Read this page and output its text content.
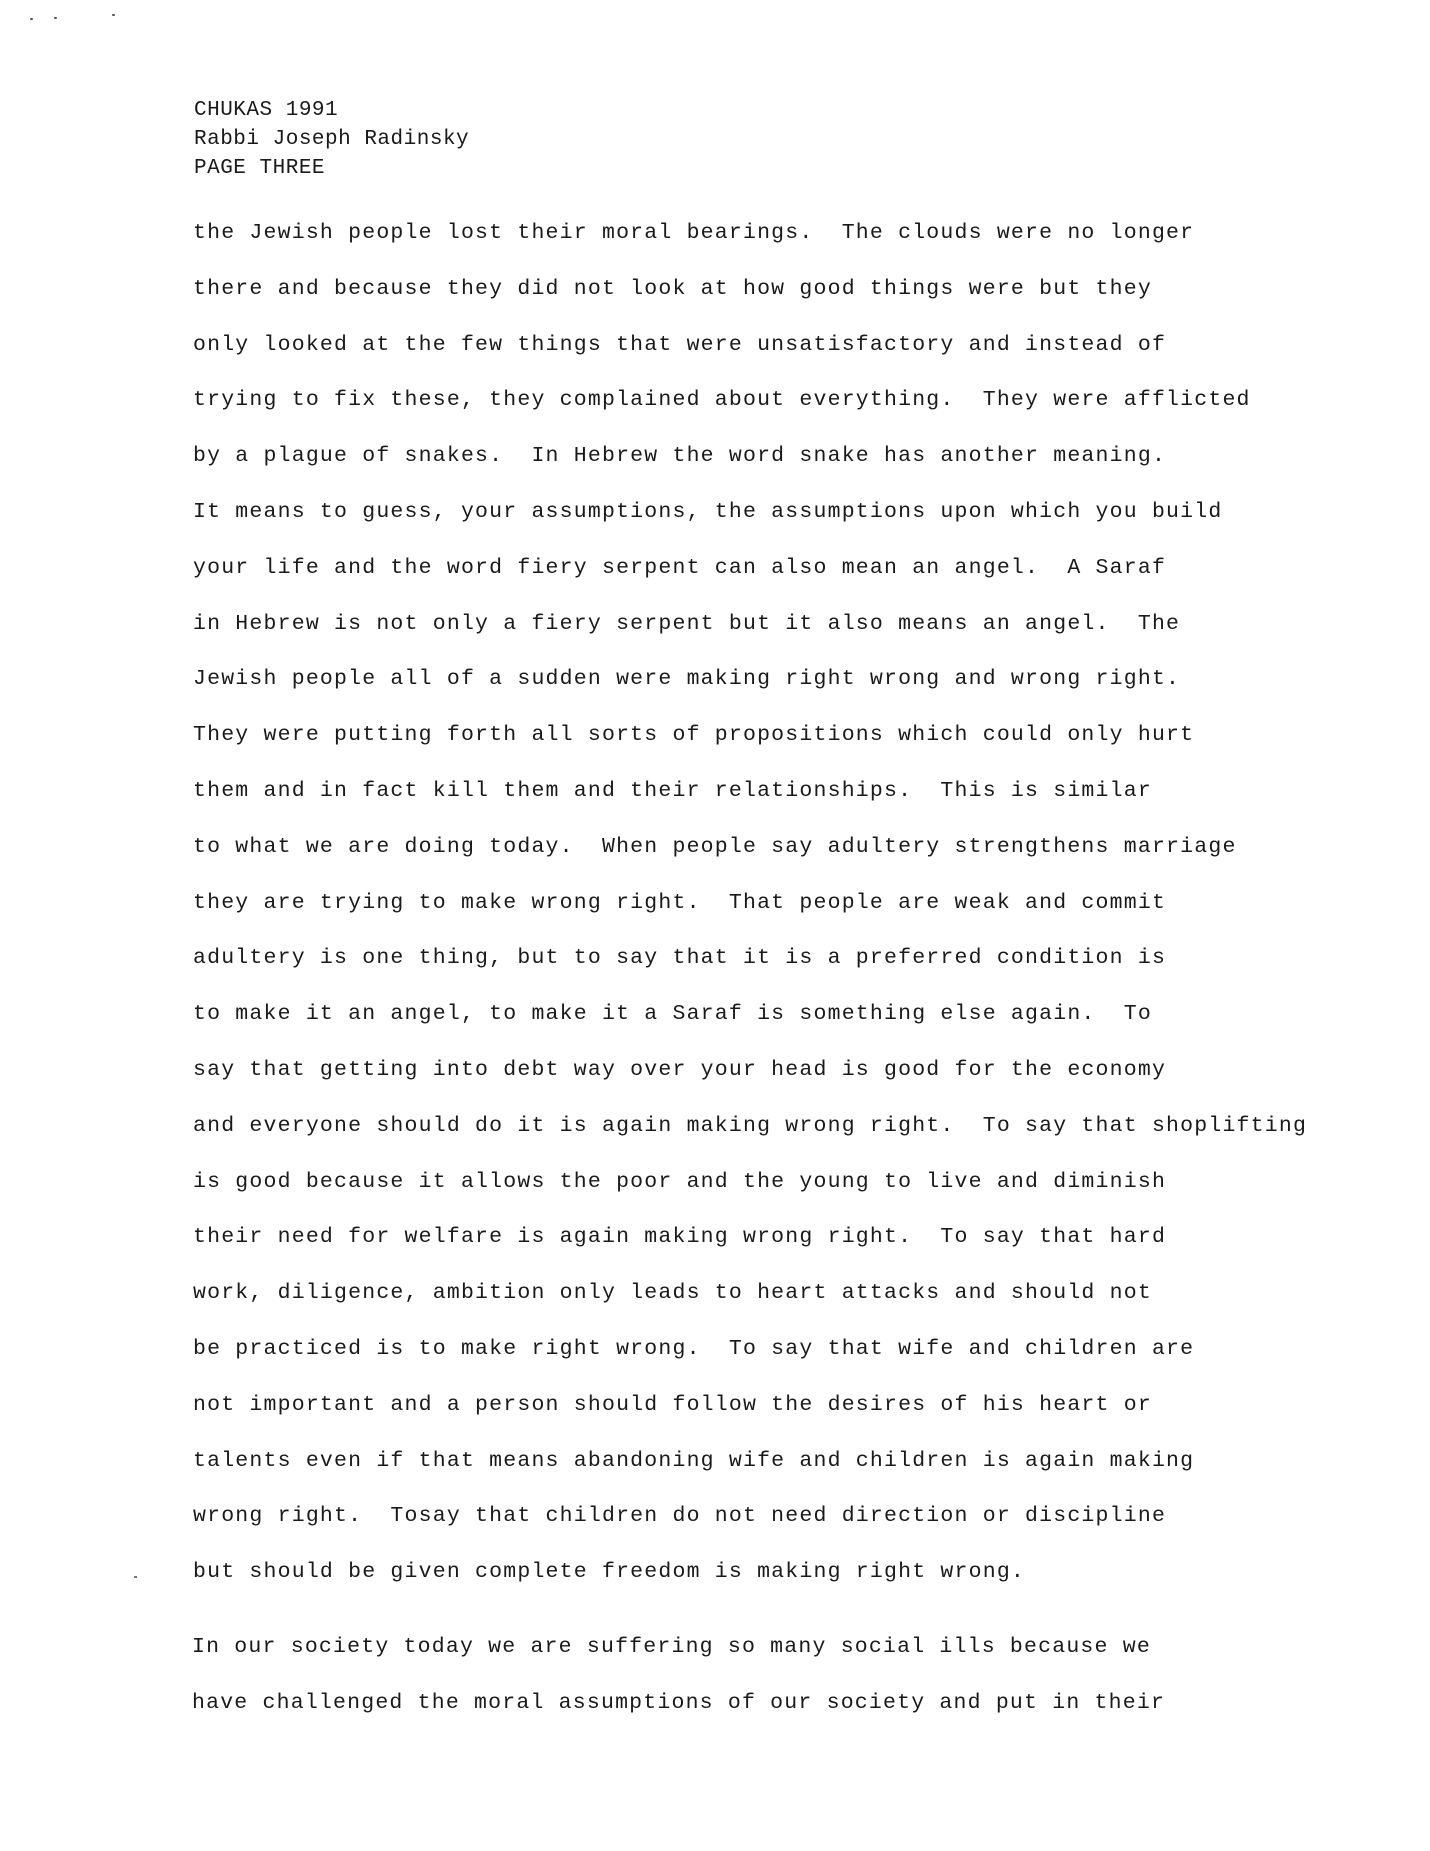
CHUKAS 1991
Rabbi Joseph Radinsky
PAGE THREE
the Jewish people lost their moral bearings.  The clouds were no longer
there and because they did not look at how good things were but they
only looked at the few things that were unsatisfactory and instead of
trying to fix these, they complained about everything.  They were afflicted
by a plague of snakes.  In Hebrew the word snake has another meaning.
It means to guess, your assumptions, the assumptions upon which you build
your life and the word fiery serpent can also mean an angel.  A Saraf
in Hebrew is not only a fiery serpent but it also means an angel.  The
Jewish people all of a sudden were making right wrong and wrong right.
They were putting forth all sorts of propositions which could only hurt
them and in fact kill them and their relationships.  This is similar
to what we are doing today.  When people say adultery strengthens marriage
they are trying to make wrong right.  That people are weak and commit
adultery is one thing, but to say that it is a preferred condition is
to make it an angel, to make it a Saraf is something else again.  To
say that getting into debt way over your head is good for the economy
and everyone should do it is again making wrong right.  To say that shoplifting
is good because it allows the poor and the young to live and diminish
their need for welfare is again making wrong right.  To say that hard
work, diligence, ambition only leads to heart attacks and should not
be practiced is to make right wrong.  To say that wife and children are
not important and a person should follow the desires of his heart or
talents even if that means abandoning wife and children is again making
wrong right.  Tosay that children do not need direction or discipline
but should be given complete freedom is making right wrong.
In our society today we are suffering so many social ills because we
have challenged the moral assumptions of our society and put in their
